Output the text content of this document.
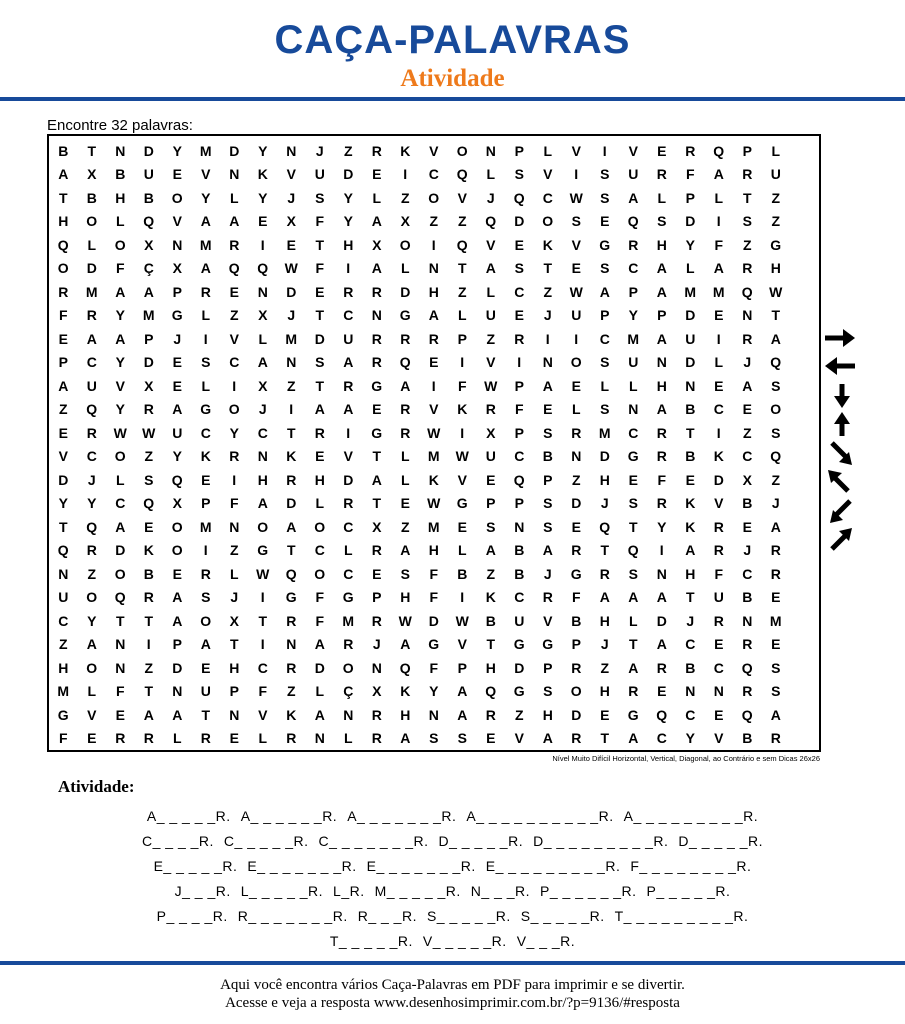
CAÇA-PALAVRAS
Atividade
Encontre 32 palavras:
B	T	N	D	Y	M	D	Y	N	J	Z	R	K	V	O	N	P	L	V	I	V	E	R	Q	P	L
A	X	B	U	E	V	N	K	V	U	D	E	I	C	Q	L	S	V	I	S	U	R	F	A	R	U
T	B	H	B	O	Y	L	Y	J	S	Y	L	Z	O	V	J	Q	C	W	S	A	L	P	L	T	Z
H	O	L	Q	V	A	A	E	X	F	Y	A	X	Z	Z	Q	D	O	S	E	Q	S	D	I	S	Z
Q	L	O	X	N	M	R	I	E	T	H	X	O	I	Q	V	E	K	V	G	R	H	Y	F	Z	G
O	D	F	Ç	X	A	Q	Q	W	F	I	A	L	N	T	A	S	T	E	S	C	A	L	A	R	H
R	M	A	A	P	R	E	N	D	E	R	R	D	H	Z	L	C	Z	W	A	P	A	M	M	Q	W
F	R	Y	M	G	L	Z	X	J	T	C	N	G	A	L	U	E	J	U	P	Y	P	D	E	N	T
E	A	A	P	J	I	V	L	M	D	U	R	R	R	P	Z	R	I	I	C	M	A	U	I	R	A
P	C	Y	D	E	S	C	A	N	S	A	R	Q	E	I	V	I	N	O	S	U	N	D	L	J	Q
A	U	V	X	E	L	I	X	Z	T	R	G	A	I	F	W	P	A	E	L	L	H	N	E	A	S
Z	Q	Y	R	A	G	O	J	I	A	A	E	R	V	K	R	F	E	L	S	N	A	B	C	E	O
E	R	W	W	U	C	Y	C	T	R	I	G	R	W	I	X	P	S	R	M	C	R	T	I	Z	S
V	C	O	Z	Y	K	R	N	K	E	V	T	L	M	W	U	C	B	N	D	G	R	B	K	C	Q
D	J	L	S	Q	E	I	H	R	H	D	A	L	K	V	E	Q	P	Z	H	E	F	E	D	X	Z
Y	Y	C	Q	X	P	F	A	D	L	R	T	E	W	G	P	P	S	D	J	S	R	K	V	B	J
T	Q	A	E	O	M	N	O	A	O	C	X	Z	M	E	S	N	S	E	Q	T	Y	K	R	E	A
Q	R	D	K	O	I	Z	G	T	C	L	R	A	H	L	A	B	A	R	T	Q	I	A	R	J	R
N	Z	O	B	E	R	L	W	Q	O	C	E	S	F	B	Z	B	J	G	R	S	N	H	F	C	R
U	O	Q	R	A	S	J	I	G	F	G	P	H	F	I	K	C	R	F	A	A	A	T	U	B	E
C	Y	T	T	A	O	X	T	R	F	M	R	W	D	W	B	U	V	B	H	L	D	J	R	N	M
Z	A	N	I	P	A	T	I	N	A	R	J	A	G	V	T	G	G	P	J	T	A	C	E	R	E
H	O	N	Z	D	E	H	C	R	D	O	N	Q	F	P	H	D	P	R	Z	A	R	B	C	Q	S
M	L	F	T	N	U	P	F	Z	L	Ç	X	K	Y	A	Q	G	S	O	H	R	E	N	N	R	S
G	V	E	A	A	T	N	V	K	A	N	R	H	N	A	R	Z	H	D	E	G	Q	C	E	Q	A
F	E	R	R	L	R	E	L	R	N	L	R	A	S	S	E	V	A	R	T	A	C	Y	V	B	R
Nível Muito Difícil Horizontal, Vertical, Diagonal, ao Contrário e sem Dicas 26x26
Atividade:
A_ _ _ _ _R. A_ _ _ _ _ _R. A_ _ _ _ _ _ _R. A_ _ _ _ _ _ _ _ _ _R. A_ _ _ _ _ _ _ _ _R.
C_ _ _ _R. C_ _ _ _ _R. C_ _ _ _ _ _ _R. D_ _ _ _ _R. D_ _ _ _ _ _ _ _ _R. D_ _ _ _ _R.
E_ _ _ _ _R. E_ _ _ _ _ _ _R. E_ _ _ _ _ _ _R. E_ _ _ _ _ _ _ _ _R. F_ _ _ _ _ _ _ _R.
J_ _ _R. L_ _ _ _ _R. L_R. M_ _ _ _ _R. N_ _ _R. P_ _ _ _ _ _R. P_ _ _ _ _R.
P_ _ _ _R. R_ _ _ _ _ _ _R. R_ _ _R. S_ _ _ _ _R. S_ _ _ _ _R. T_ _ _ _ _ _ _ _ _R.
T_ _ _ _ _R. V_ _ _ _ _R. V_ _ _R.
Aqui você encontra vários Caça-Palavras em PDF para imprimir e se divertir.
Acesse e veja a resposta www.desenhosimprimir.com.br/?p=9136/#resposta
